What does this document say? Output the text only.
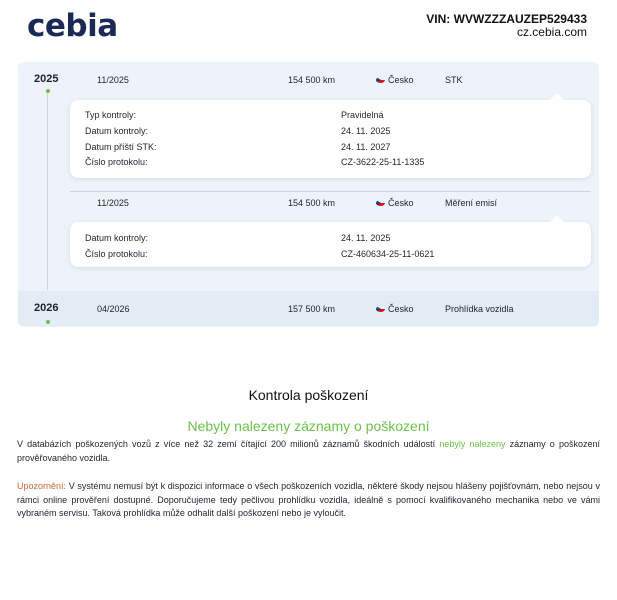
cebia	VIN: WVWZZZAUZEP529433
cz.cebia.com
2025	11/2025	154 500 km	Česko	STK
Typ kontroly:	Pravidelná
Datum kontroly:	24. 11. 2025
Datum příští STK:	24. 11. 2027
Číslo protokolu:	CZ-3622-25-11-1335
11/2025	154 500 km	Česko	Měření emisí
Datum kontroly:	24. 11. 2025
Číslo protokolu:	CZ-460634-25-11-0621
2026	04/2026	157 500 km	Česko	Prohlídka vozidla
Kontrola poškození
Nebyly nalezeny záznamy o poškození
V databázích poškozených vozů z více než 32 zemí čítající 200 milionů záznamů škodních událostí nebyly nalezeny záznamy o poškození prověřovaného vozidla.
Upozornění: V systému nemusí být k dispozici informace o všech poškozeních vozidla, některé škody nejsou hlášeny pojišťovnám, nebo nejsou v rámci online prověření dostupné. Doporučujeme tedy pečlivou prohlídku vozidla, ideálně s pomocí kvalifikovaného mechanika nebo ve vámi vybraném servisu. Taková prohlídka může odhalit další poškození nebo je vyloučit.
